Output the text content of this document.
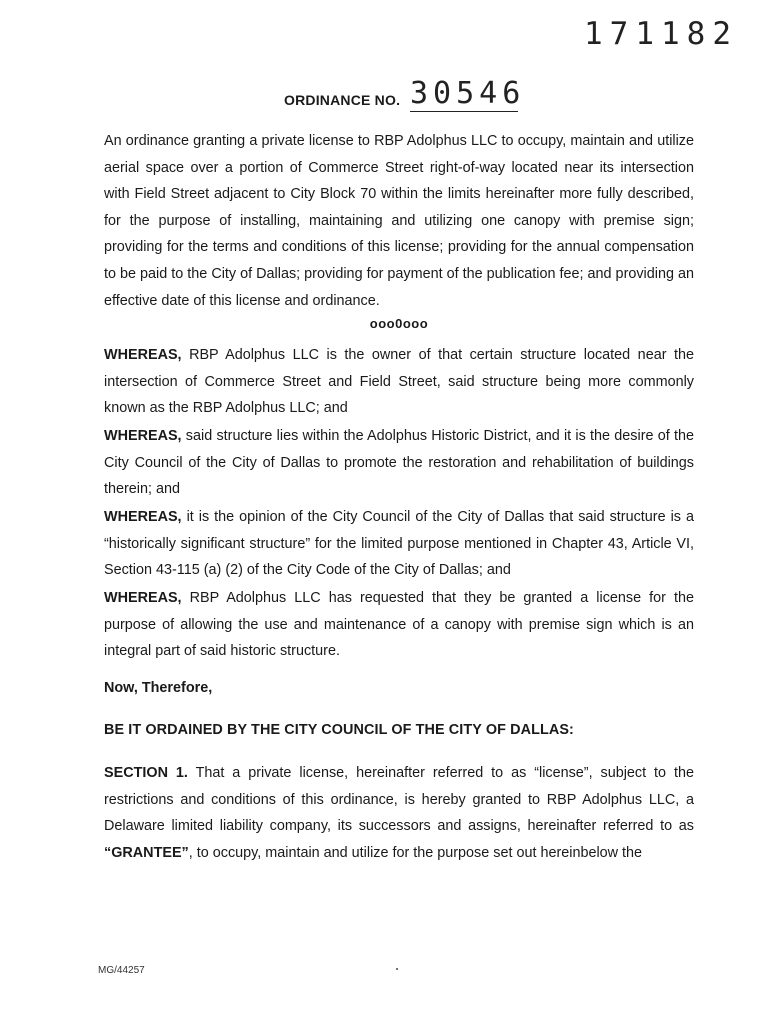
171182
ORDINANCE NO. 30546

An ordinance granting a private license to RBP Adolphus LLC to occupy, maintain and utilize aerial space over a portion of Commerce Street right-of-way located near its intersection with Field Street adjacent to City Block 70 within the limits hereinafter more fully described, for the purpose of installing, maintaining and utilizing one canopy with premise sign; providing for the terms and conditions of this license; providing for the annual compensation to be paid to the City of Dallas; providing for payment of the publication fee; and providing an effective date of this license and ordinance.

ooo0ooo

WHEREAS, RBP Adolphus LLC is the owner of that certain structure located near the intersection of Commerce Street and Field Street, said structure being more commonly known as the RBP Adolphus LLC; and

WHEREAS, said structure lies within the Adolphus Historic District, and it is the desire of the City Council of the City of Dallas to promote the restoration and rehabilitation of buildings therein; and

WHEREAS, it is the opinion of the City Council of the City of Dallas that said structure is a “historically significant structure” for the limited purpose mentioned in Chapter 43, Article VI, Section 43-115 (a) (2) of the City Code of the City of Dallas; and

WHEREAS, RBP Adolphus LLC has requested that they be granted a license for the purpose of allowing the use and maintenance of a canopy with premise sign which is an integral part of said historic structure.

Now, Therefore,
BE IT ORDAINED BY THE CITY COUNCIL OF THE CITY OF DALLAS:

SECTION 1. That a private license, hereinafter referred to as “license”, subject to the restrictions and conditions of this ordinance, is hereby granted to RBP Adolphus LLC, a Delaware limited liability company, its successors and assigns, hereinafter referred to as “GRANTEE”, to occupy, maintain and utilize for the purpose set out hereinbelow the

MG/44257
